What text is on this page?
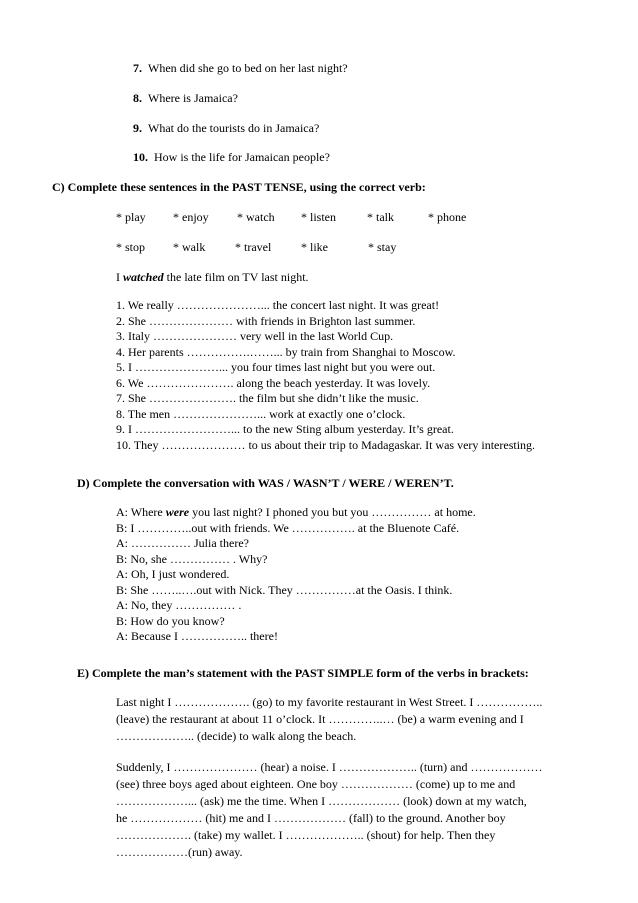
7. When did she go to bed on her last night?
8. Where is Jamaica?
9. What do the tourists do in Jamaica?
10. How is the life for Jamaican people?
C) Complete these sentences in the PAST TENSE, using the correct verb:
* play * enjoy * watch * listen	* talk	* phone
* stop * walk * travel * like	* stay
I watched the late film on TV last night.
1. We really …………………... the concert last night. It was great!
2. She ………………… with friends in Brighton last summer.
3. Italy ………………… very well in the last World Cup.
4. Her parents …………….……... by train from Shanghai to Moscow.
5. I …………………... you four times last night but you were out.
6. We …………………. along the beach yesterday. It was lovely.
7. She …………………. the film but she didn’t like the music.
8. The men …………………... work at exactly one o’clock.
9. I ……………………... to the new Sting album yesterday. It’s great.
10. They ………………… to us about their trip to Madagaskar. It was very interesting.
D) Complete the conversation with WAS / WASN’T / WERE / WEREN’T.
A: Where were you last night? I phoned you but you …………… at home.
B: I …………..out with friends. We ……………. at the Bluenote Café.
A: …………… Julia there?
B: No, she …………… . Why?
A: Oh, I just wondered.
B: She ……..….out with Nick. They ……………at the Oasis. I think.
A: No, they …………… .
B: How do you know?
A: Because I …………….. there!
E) Complete the man’s statement with the PAST SIMPLE form of the verbs in brackets:
Last night I ………………. (go) to my favorite restaurant in West Street. I ……………..
(leave) the restaurant at about 11 o’clock. It …………..… (be) a warm evening and I
……………….. (decide) to walk along the beach.
Suddenly, I ………………… (hear) a noise. I ……………….. (turn) and ………………
(see) three boys aged about eighteen. One boy ……………… (come) up to me and
………………... (ask) me the time. When I ……………… (look) down at my watch,
he ……………… (hit) me and I ……………… (fall) to the ground. Another boy
………………. (take) my wallet. I ……………….. (shout) for help. Then they
………………(run) away.
